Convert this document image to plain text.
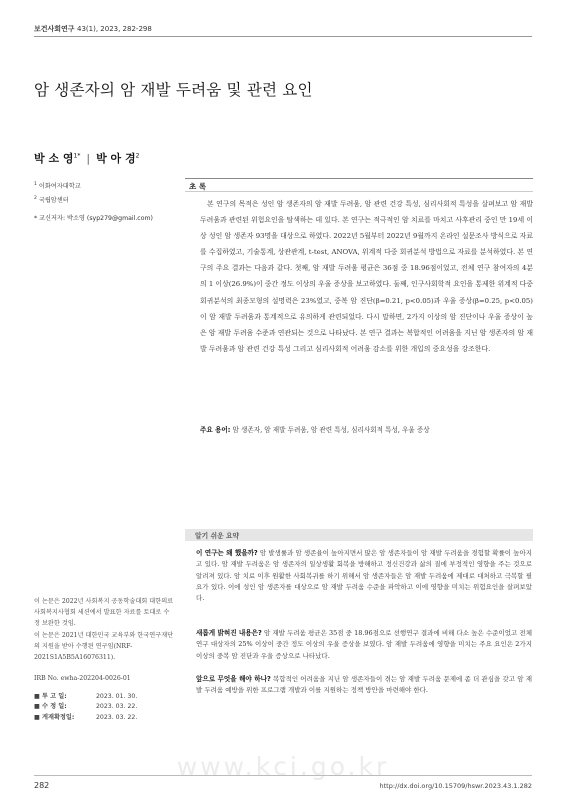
보건사회연구 43(1), 2023, 282-298
암 생존자의 암 재발 두려움 및 관련 요인
박 소 영$^{1*}$ | 박 아 경$^2$
$^1$ 이화여자대학교
$^2$ 국립암센터
* 교신저자: 박소영 (syp279@gmail.com)
초 록

본 연구의 목적은 성인 암 생존자의 암 재발 두려움, 암 관련 건강 특성, 심리사회적 특성을 살펴보고 암 재발 두려움과 관련된 위험요인을 탐색하는 데 있다. 본 연구는 적극적인 암 치료를 마치고 사후관리 중인 만 19세 이상 성인 암 생존자 93명을 대상으로 하였다. 2022년 5월부터 2022년 9월까지 온라인 설문조사 방식으로 자료를 수집하였고, 기술통계, 상관관계, t-test, ANOVA, 위계적 다중 회귀분석 방법으로 자료를 분석하였다. 본 연구의 주요 결과는 다음과 같다. 첫째, 암 재발 두려움 평균은 36점 중 18.96점이었고, 전체 연구 참여자의 4분의 1 이상(26.9%)이 중간 정도 이상의 우울 증상을 보고하였다. 둘째, 인구사회학적 요인을 통제한 위계적 다중 회귀분석의 최종모형의 설명력은 23%였고, 중복 암 진단(β=0.21, p<0.05)과 우울 증상(β=0.25, p<0.05)이 암 재발 두려움과 통계적으로 유의하게 관련되었다. 다시 말하면, 2가지 이상의 암 진단이나 우울 증상이 높은 암 재발 두려움 수준과 연관되는 것으로 나타났다. 본 연구 결과는 복합적인 어려움을 지닌 암 생존자의 암 재발 두려움과 암 관련 건강 특성 그리고 심리사회적 어려움 감소를 위한 개입의 중요성을 강조한다.

주요 용어: 암 생존자, 암 재발 두려움, 암 관련 특성, 심리사회적 특성, 우울 증상

알기 쉬운 요약

이 연구는 왜 했을까? 암 발생률과 암 생존율이 높아지면서 많은 암 생존자들이 암 재발 두려움을 경험할 확률이 높아지고 있다. 암 재발 두려움은 암 생존자의 일상생활 회복을 방해하고 정신건강과 삶의 질에 부정적인 영향을 주는 것으로 알려져 있다. 암 치료 이후 원활한 사회복귀를 하기 위해서 암 생존자들은 암 재발 두려움에 제대로 대처하고 극복할 필요가 있다. 이에 성인 암 생존자를 대상으로 암 재발 두려움 수준을 파악하고 이에 영향을 미치는 위험요인을 살펴보았다.

새롭게 밝혀진 내용은? 암 재발 두려움 평균은 35점 중 18.96점으로 선행연구 결과에 비해 다소 높은 수준이었고 전체 연구 대상자의 25% 이상이 중간 정도 이상의 우울 증상을 보였다. 암 재발 두려움에 영향을 미치는 주요 요인은 2가지 이상의 중복 암 진단과 우울 증상으로 나타났다.

앞으로 무엇을 해야 하나? 복합적인 어려움을 지닌 암 생존자들이 겪는 암 재발 두려움 문제에 좀 더 관심을 갖고 암 재발 두려움 예방을 위한 프로그램 개발과 이를 지원하는 정책 방안을 마련해야 한다.

이 논문은 2022년 사회복지 공동학술대회 대한의료사회복지사협회 세션에서 발표한 자료를 토대로 수정 보완한 것임.

이 논문은 2021년 대한민국 교육부와 한국연구재단의 지원을 받아 수행된 연구임(NRF-2021S1A5B5A16076311).

IRB No. ewha-202204-0026-01

■ 투 고 일:	2023. 01. 30.
■ 수 정 일:	2023. 03. 22.
■ 게재확정일:	2023. 03. 22.
www.kci.go.kr
282	http://dx.doi.org/10.15709/hswr.2023.43.1.282
